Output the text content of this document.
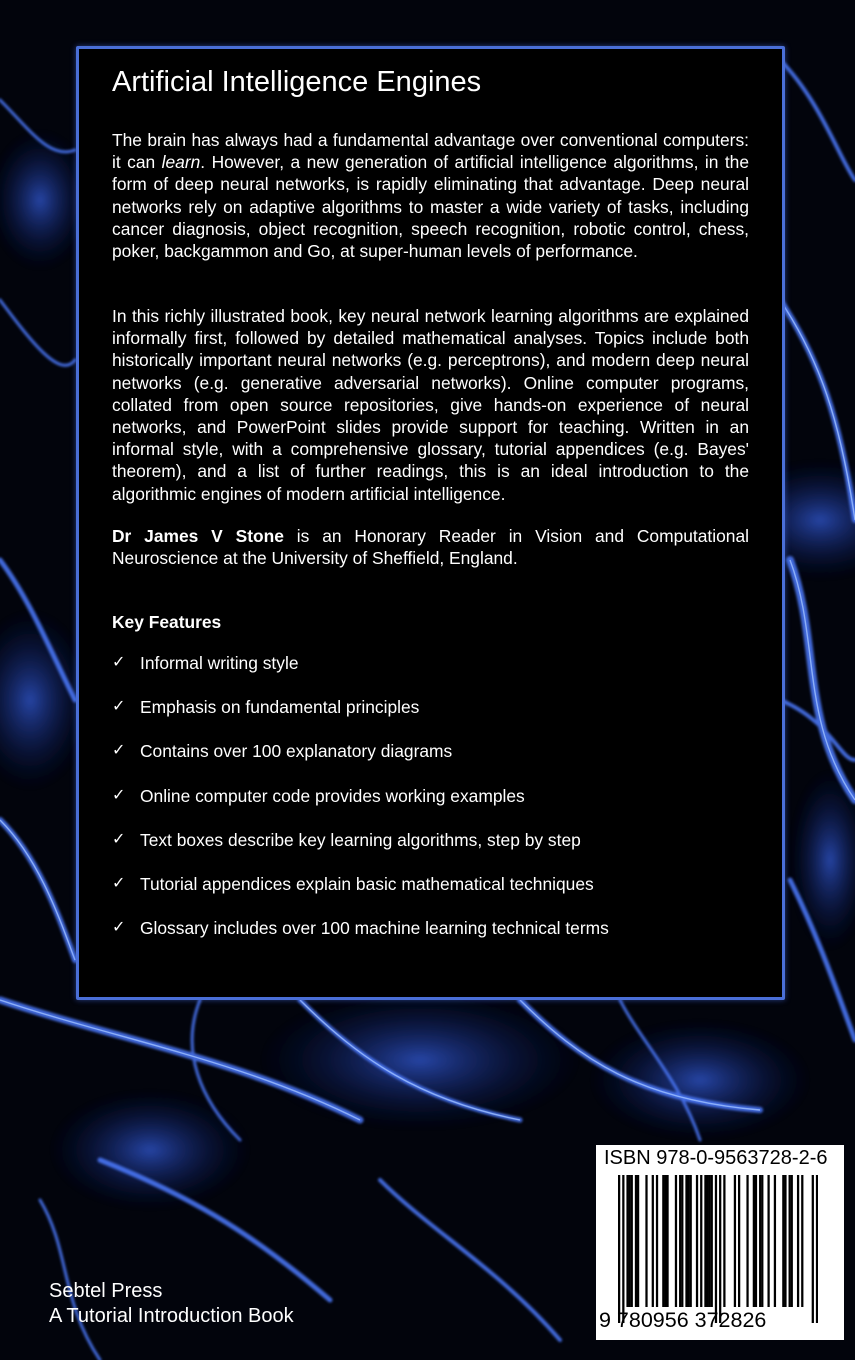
Artificial Intelligence Engines

The brain has always had a fundamental advantage over conventional computers: it can learn. However, a new generation of artificial intelligence algorithms, in the form of deep neural networks, is rapidly eliminating that advantage. Deep neural networks rely on adaptive algorithms to master a wide variety of tasks, including cancer diagnosis, object recognition, speech recognition, robotic control, chess, poker, backgammon and Go, at super-human levels of performance.

In this richly illustrated book, key neural network learning algorithms are explained informally first, followed by detailed mathematical analyses. Topics include both historically important neural networks (e.g. perceptrons), and modern deep neural networks (e.g. generative adversarial networks). Online computer programs, collated from open source repositories, give hands-on experience of neural networks, and PowerPoint slides provide support for teaching. Written in an informal style, with a comprehensive glossary, tutorial appendices (e.g. Bayes' theorem), and a list of further readings, this is an ideal introduction to the algorithmic engines of modern artificial intelligence.

Dr James V Stone is an Honorary Reader in Vision and Computational Neuroscience at the University of Sheffield, England.

Key Features
✓ Informal writing style
✓ Emphasis on fundamental principles
✓ Contains over 100 explanatory diagrams
✓ Online computer code provides working examples
✓ Text boxes describe key learning algorithms, step by step
✓ Tutorial appendices explain basic mathematical techniques
✓ Glossary includes over 100 machine learning technical terms
Sebtel Press
A Tutorial Introduction Book
ISBN 978-0-9563728-2-6
9 780956 372826
